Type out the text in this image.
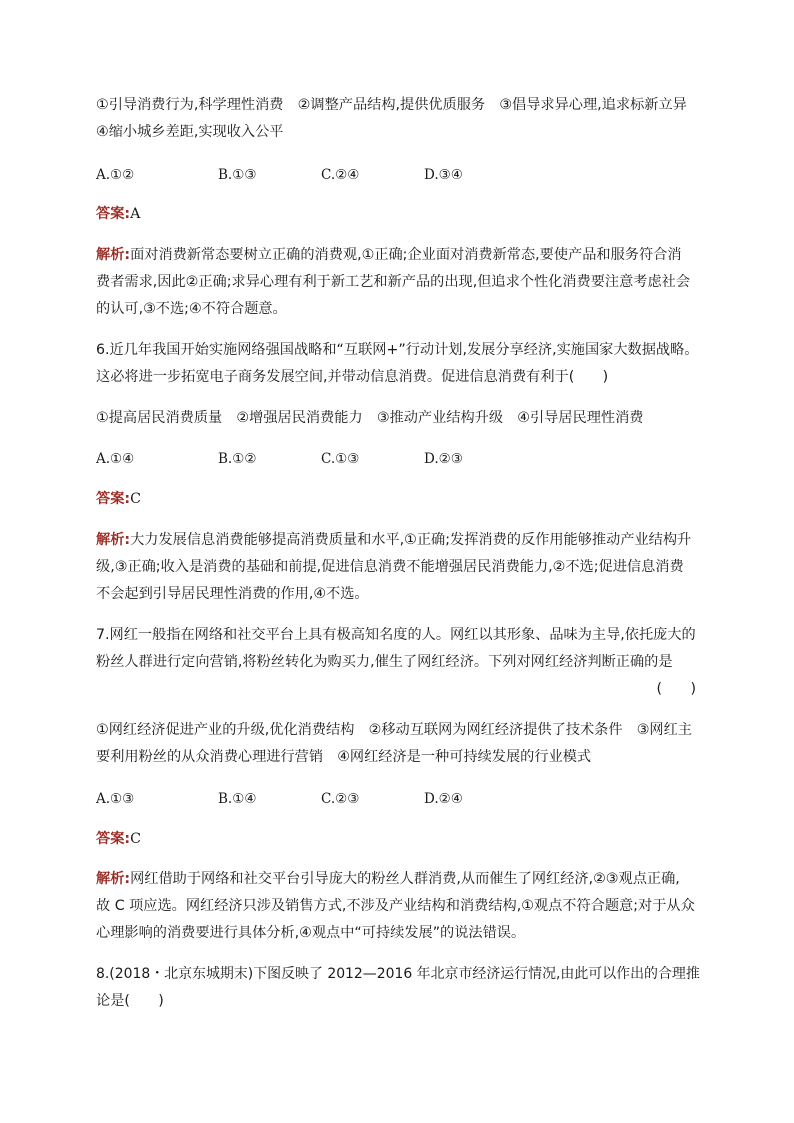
①引导消费行为,科学理性消费　②调整产品结构,提供优质服务　③倡导求异心理,追求标新立异
④缩小城乡差距,实现收入公平
A.①②	B.①③	C.②④	D.③④
答案:A
解析:面对消费新常态要树立正确的消费观,①正确;企业面对消费新常态,要使产品和服务符合消
费者需求,因此②正确;求异心理有利于新工艺和新产品的出现,但追求个性化消费要注意考虑社会
的认可,③不选;④不符合题意。
6.近几年我国开始实施网络强国战略和“互联网+”行动计划,发展分享经济,实施国家大数据战略。
这必将进一步拓宽电子商务发展空间,并带动信息消费。促进信息消费有利于(　　)
①提高居民消费质量　②增强居民消费能力　③推动产业结构升级　④引导居民理性消费
A.①④	B.①②	C.①③	D.②③
答案:C
解析:大力发展信息消费能够提高消费质量和水平,①正确;发挥消费的反作用能够推动产业结构升
级,③正确;收入是消费的基础和前提,促进信息消费不能增强居民消费能力,②不选;促进信息消费
不会起到引导居民理性消费的作用,④不选。
7.网红一般指在网络和社交平台上具有极高知名度的人。网红以其形象、品味为主导,依托庞大的
粉丝人群进行定向营销,将粉丝转化为购买力,催生了网红经济。下列对网红经济判断正确的是
(　　)
①网红经济促进产业的升级,优化消费结构　②移动互联网为网红经济提供了技术条件　③网红主
要利用粉丝的从众消费心理进行营销　④网红经济是一种可持续发展的行业模式
A.①③	B.①④	C.②③	D.②④
答案:C
解析:网红借助于网络和社交平台引导庞大的粉丝人群消费,从而催生了网红经济,②③观点正确,
故 C 项应选。网红经济只涉及销售方式,不涉及产业结构和消费结构,①观点不符合题意;对于从众
心理影响的消费要进行具体分析,④观点中“可持续发展”的说法错误。
8.(2018・北京东城期末)下图反映了 2012—2016 年北京市经济运行情况,由此可以作出的合理推
论是(　　)
